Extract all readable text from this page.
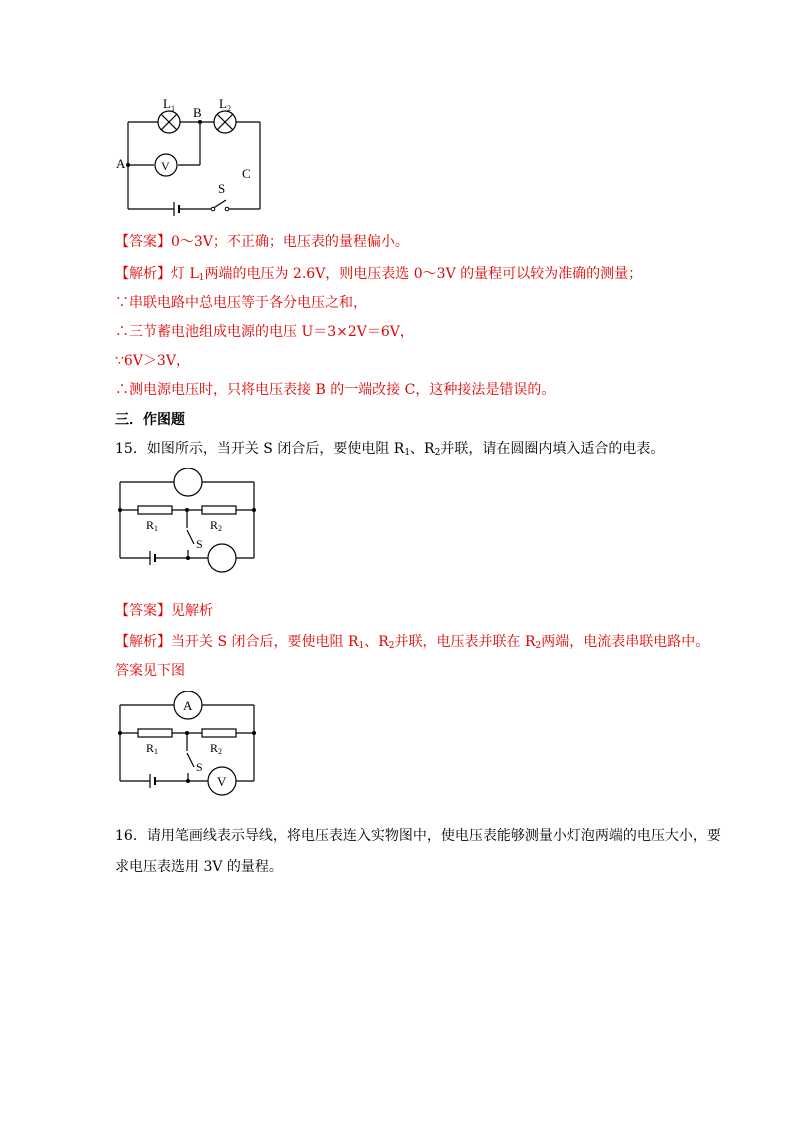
$L_1$	$L_2$
B
A
C
S
V
【答案】0～3V；不正确；电压表的量程偏小。
【解析】灯 $L_1$两端的电压为 2.6V，则电压表选 0～3V 的量程可以较为准确的测量；
∵串联电路中总电压等于各分电压之和，
∴三节蓄电池组成电源的电压 U＝3×2V＝6V，
∵6V＞3V，
∴测电源电压时，只将电压表接 B 的一端改接 C，这种接法是错误的。
三．作图题
15．如图所示，当开关 S 闭合后，要使电阻 $R_1$、$R_2$并联，请在圆圈内填入适合的电表。
R1	R2
S
【答案】见解析
【解析】当开关 S 闭合后，要使电阻 $R_1$、$R_2$并联，电压表并联在 $R_2$两端，电流表串联电路中。
答案见下图
A
V
R1	R2
S
16．请用笔画线表示导线，将电压表连入实物图中，使电压表能够测量小灯泡两端的电压大小，要
求电压表选用 3V 的量程。
